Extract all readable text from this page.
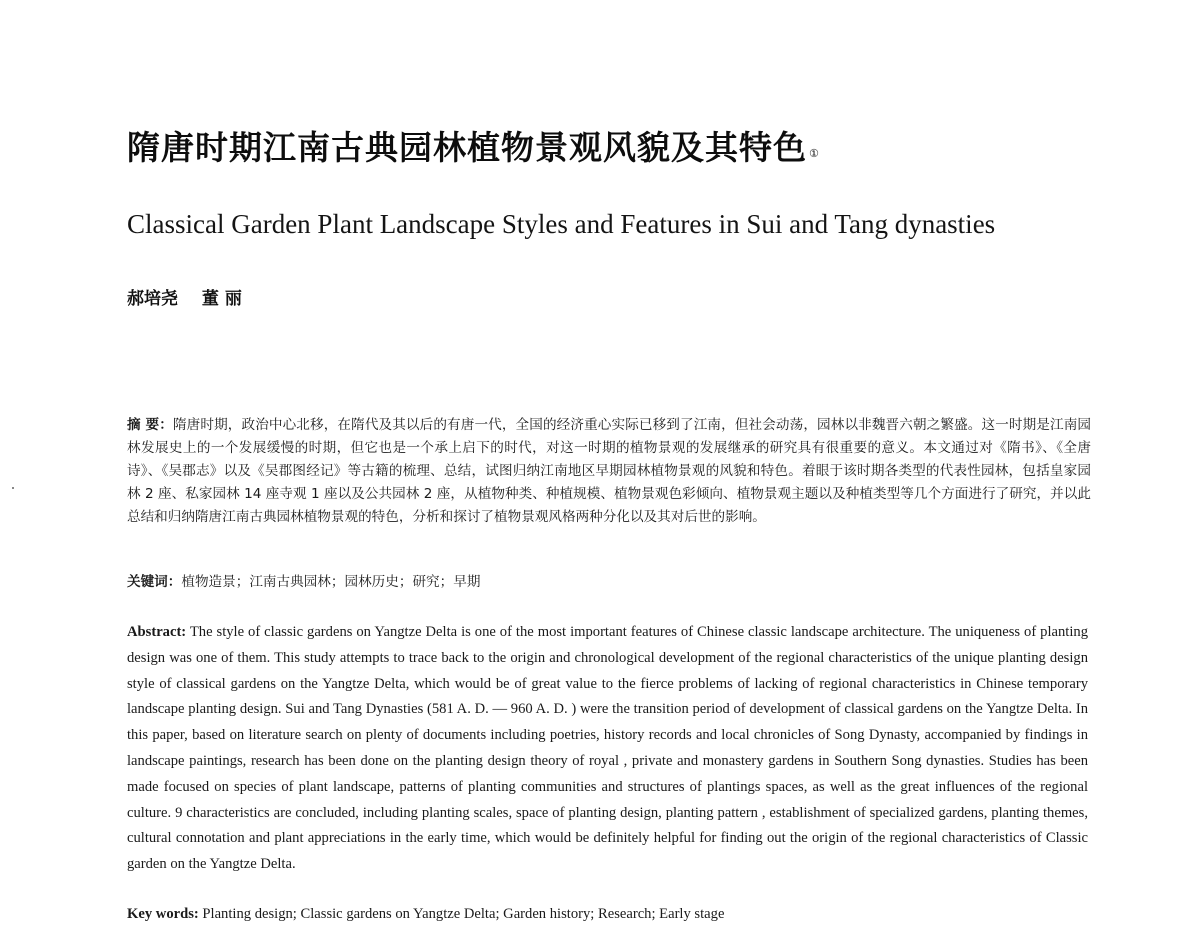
隋唐时期江南古典园林植物景观风貌及其特色 ①
Classical Garden Plant Landscape Styles and Features in Sui and Tang dynasties
郝培尧 董 丽
摘 要：隋唐时期，政治中心北移，在隋代及其以后的有唐一代，全国的经济重心实际已移到了江南，但社会动荡，园林以非魏晋六朝之繁盛。这一时期是江南园林发展史上的一个发展缓慢的时期，但它也是一个承上启下的时代，对这一时期的植物景观的发展继承的研究具有很重要的意义。本文通过对《隋书》、《全唐诗》、《吴郡志》以及《吴郡图经记》等古籍的梳理、总结，试图归纳江南地区早期园林植物景观的风貌和特色。着眼于该时期各类型的代表性园林，包括皇家园林 2 座、私家园林 14 座寺观 1 座以及公共园林 2 座，从植物种类、种植规模、植物景观色彩倾向、植物景观主题以及种植类型等几个方面进行了研究，并以此总结和归纳隋唐江南古典园林植物景观的特色，分析和探讨了植物景观风格两种分化以及其对后世的影响。
关键词：植物造景；江南古典园林；园林历史；研究；早期
Abstract: The style of classic gardens on Yangtze Delta is one of the most important features of Chinese classic landscape architecture. The uniqueness of planting design was one of them. This study attempts to trace back to the origin and chronological development of the regional characteristics of the unique planting design style of classical gardens on the Yangtze Delta, which would be of great value to the fierce problems of lacking of regional characteristics in Chinese temporary landscape planting design. Sui and Tang Dynasties (581 A. D. — 960 A. D. ) were the transition period of development of classical gardens on the Yangtze Delta. In this paper, based on literature search on plenty of documents including poetries, history records and local chronicles of Song Dynasty, accompanied by findings in landscape paintings, research has been done on the planting design theory of royal , private and monastery gardens in Southern Song dynasties. Studies has been made focused on species of plant landscape, patterns of planting communities and structures of plantings spaces, as well as the great influences of the regional culture. 9 characteristics are concluded, including planting scales, space of planting design, planting pattern , establishment of specialized gardens, planting themes, cultural connotation and plant appreciations in the early time, which would be definitely helpful for finding out the origin of the regional characteristics of Classic garden on the Yangtze Delta.
Key words: Planting design; Classic gardens on Yangtze Delta; Garden history; Research; Early stage
